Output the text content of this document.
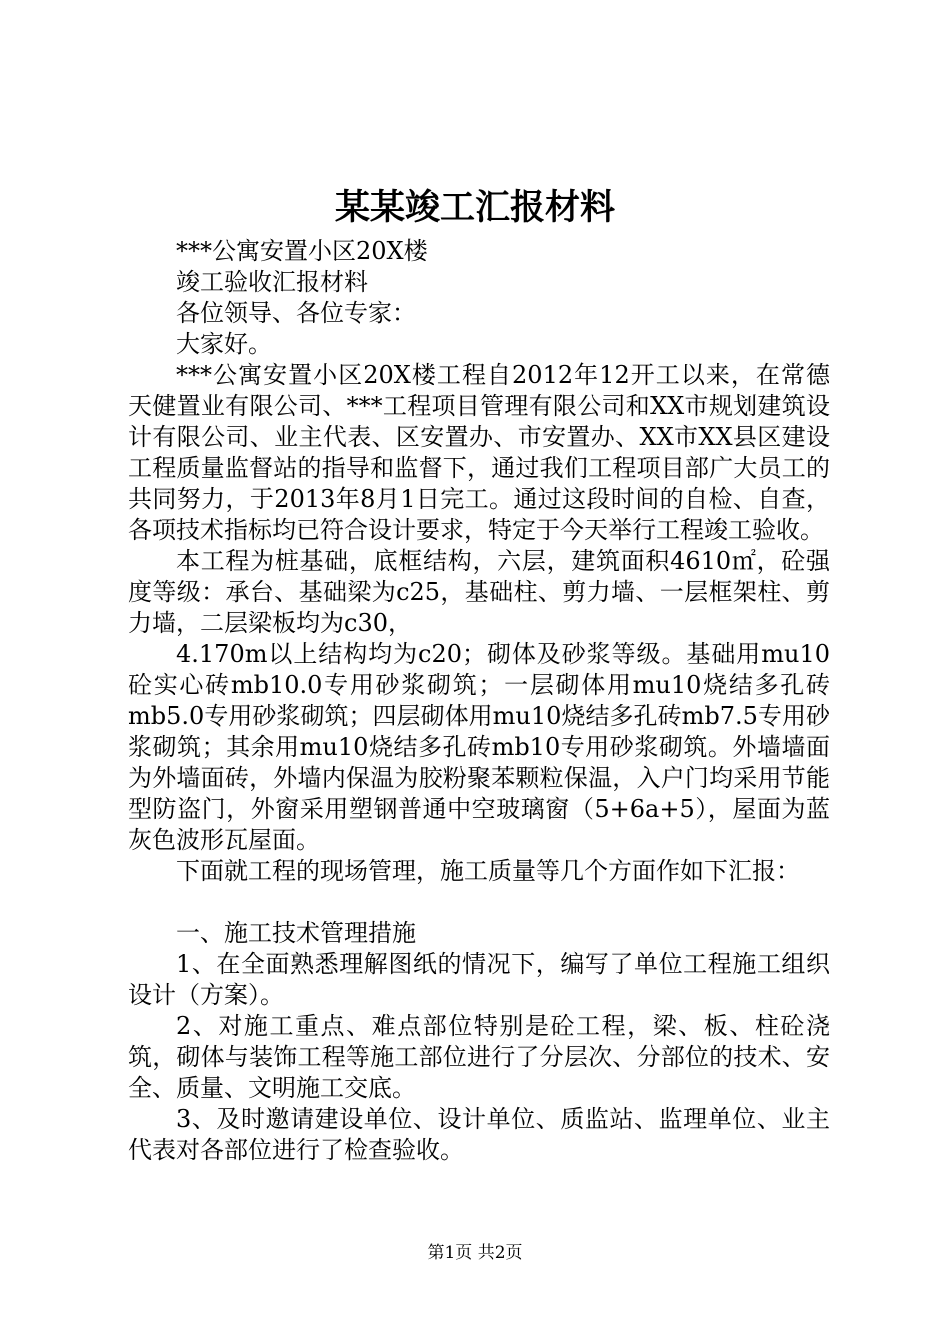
某某竣工汇报材料

***公寓安置小区20X楼

竣工验收汇报材料

各位领导、各位专家：

大家好。

***公寓安置小区20X楼工程自2012年12开工以来，在常德天健置业有限公司、***工程项目管理有限公司和XX市规划建筑设计有限公司、业主代表、区安置办、市安置办、XX市XX县区建设工程质量监督站的指导和监督下，通过我们工程项目部广大员工的共同努力，于2013年8月1日完工。通过这段时间的自检、自查，各项技术指标均已符合设计要求，特定于今天举行工程竣工验收。

本工程为桩基础，底框结构，六层，建筑面积4610㎡，砼强度等级：承台、基础梁为c25，基础柱、剪力墙、一层框架柱、剪力墙，二层梁板均为c30，

4.170m以上结构均为c20；砌体及砂浆等级。基础用mu10砼实心砖mb10.0专用砂浆砌筑；一层砌体用mu10烧结多孔砖mb5.0专用砂浆砌筑；四层砌体用mu10烧结多孔砖mb7.5专用砂浆砌筑；其余用mu10烧结多孔砖mb10专用砂浆砌筑。外墙墙面为外墙面砖，外墙内保温为胶粉聚苯颗粒保温，入户门均采用节能型防盗门，外窗采用塑钢普通中空玻璃窗（5+6a+5），屋面为蓝灰色波形瓦屋面。

下面就工程的现场管理，施工质量等几个方面作如下汇报：

一、施工技术管理措施

1、在全面熟悉理解图纸的情况下，编写了单位工程施工组织设计（方案）。

2、对施工重点、难点部位特别是砼工程，梁、板、柱砼浇筑，砌体与装饰工程等施工部位进行了分层次、分部位的技术、安全、质量、文明施工交底。

3、及时邀请建设单位、设计单位、质监站、监理单位、业主代表对各部位进行了检查验收。

第1页 共2页
